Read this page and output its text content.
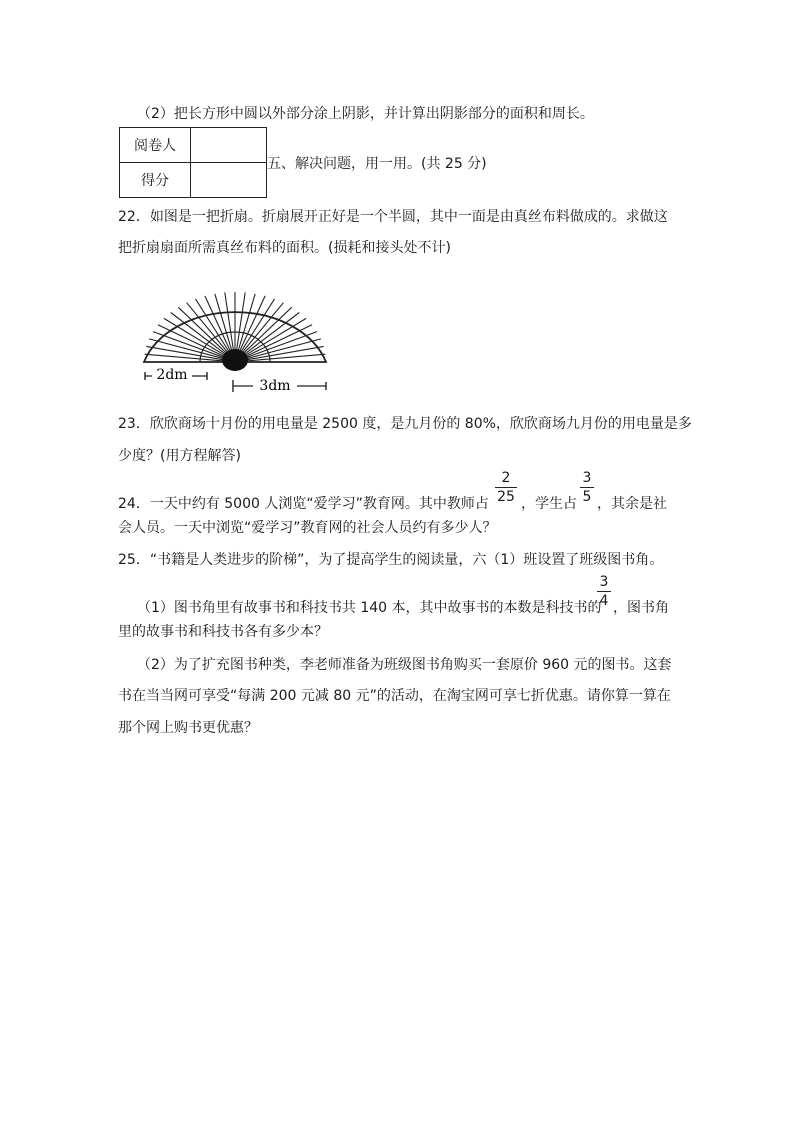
（2）把长方形中圆以外部分涂上阴影，并计算出阴影部分的面积和周长。
阅卷人	
得分	
五、解决问题，用一用。(共 25 分)
22．如图是一把折扇。折扇展开正好是一个半圆，其中一面是由真丝布料做成的。求做这
把折扇扇面所需真丝布料的面积。(损耗和接头处不计)
2dm
3dm
23．欣欣商场十月份的用电量是 2500 度，是九月份的 80%，欣欣商场九月份的用电量是多
少度？(用方程解答)
24．一天中约有 5000 人浏览“爱学习”教育网。其中教师占
2
25 ，学生占
3
5 ，其余是社
会人员。一天中浏览“爱学习”教育网的社会人员约有多少人？
25．“书籍是人类进步的阶梯”，为了提高学生的阅读量，六（1）班设置了班级图书角。
（1）图书角里有故事书和科技书共 140 本，其中故事书的本数是科技书的
3
4 ，图书角
里的故事书和科技书各有多少本？
（2）为了扩充图书种类，李老师准备为班级图书角购买一套原价 960 元的图书。这套
书在当当网可享受“每满 200 元减 80 元”的活动，在淘宝网可享七折优惠。请你算一算在
那个网上购书更优惠？
